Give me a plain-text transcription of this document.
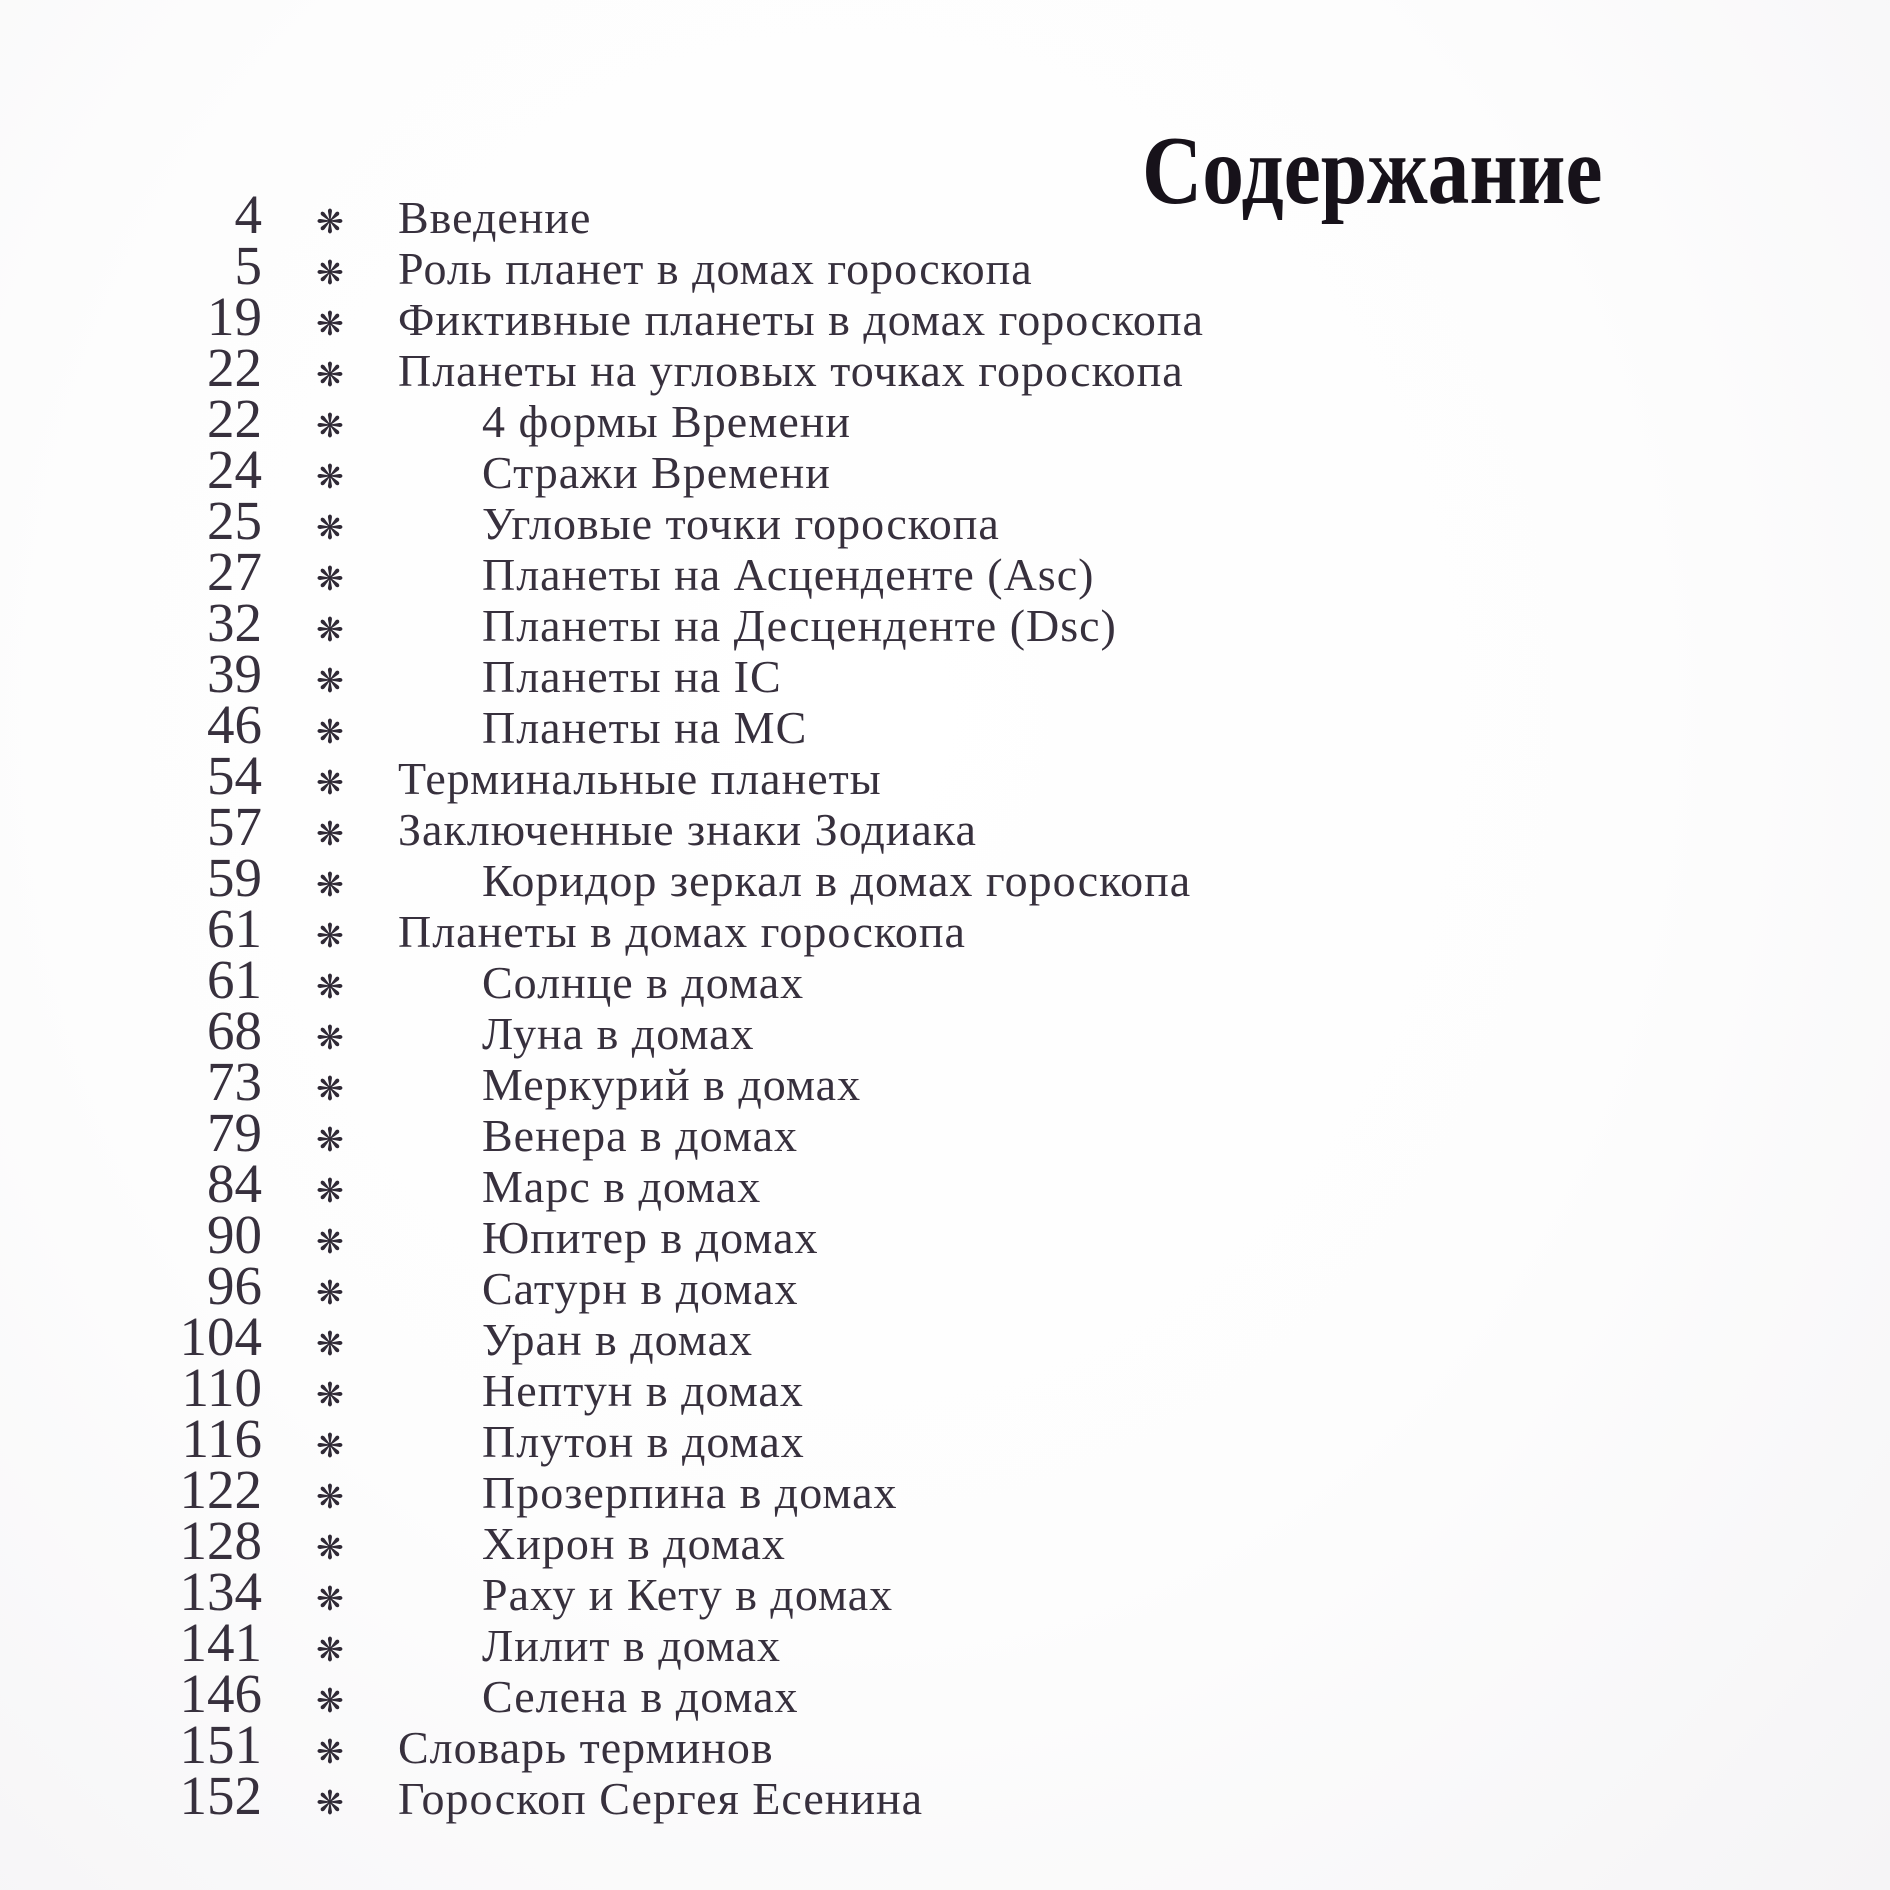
Содержание
4	❋	Введение
5	❋	Роль планет в домах гороскопа
19	❋	Фиктивные планеты в домах гороскопа
22	❋	Планеты на угловых точках гороскопа
22	❋	4 формы Времени
24	❋	Стражи Времени
25	❋	Угловые точки гороскопа
27	❋	Планеты на Асценденте (Asc)
32	❋	Планеты на Десценденте (Dsc)
39	❋	Планеты на IC
46	❋	Планеты на MC
54	❋	Терминальные планеты
57	❋	Заключенные знаки Зодиака
59	❋	Коридор зеркал в домах гороскопа
61	❋	Планеты в домах гороскопа
61	❋	Солнце в домах
68	❋	Луна в домах
73	❋	Меркурий в домах
79	❋	Венера в домах
84	❋	Марс в домах
90	❋	Юпитер в домах
96	❋	Сатурн в домах
104	❋	Уран в домах
110	❋	Нептун в домах
116	❋	Плутон в домах
122	❋	Прозерпина в домах
128	❋	Хирон в домах
134	❋	Раху и Кету в домах
141	❋	Лилит в домах
146	❋	Селена в домах
151	❋	Словарь терминов
152	❋	Гороскоп Сергея Есенина
